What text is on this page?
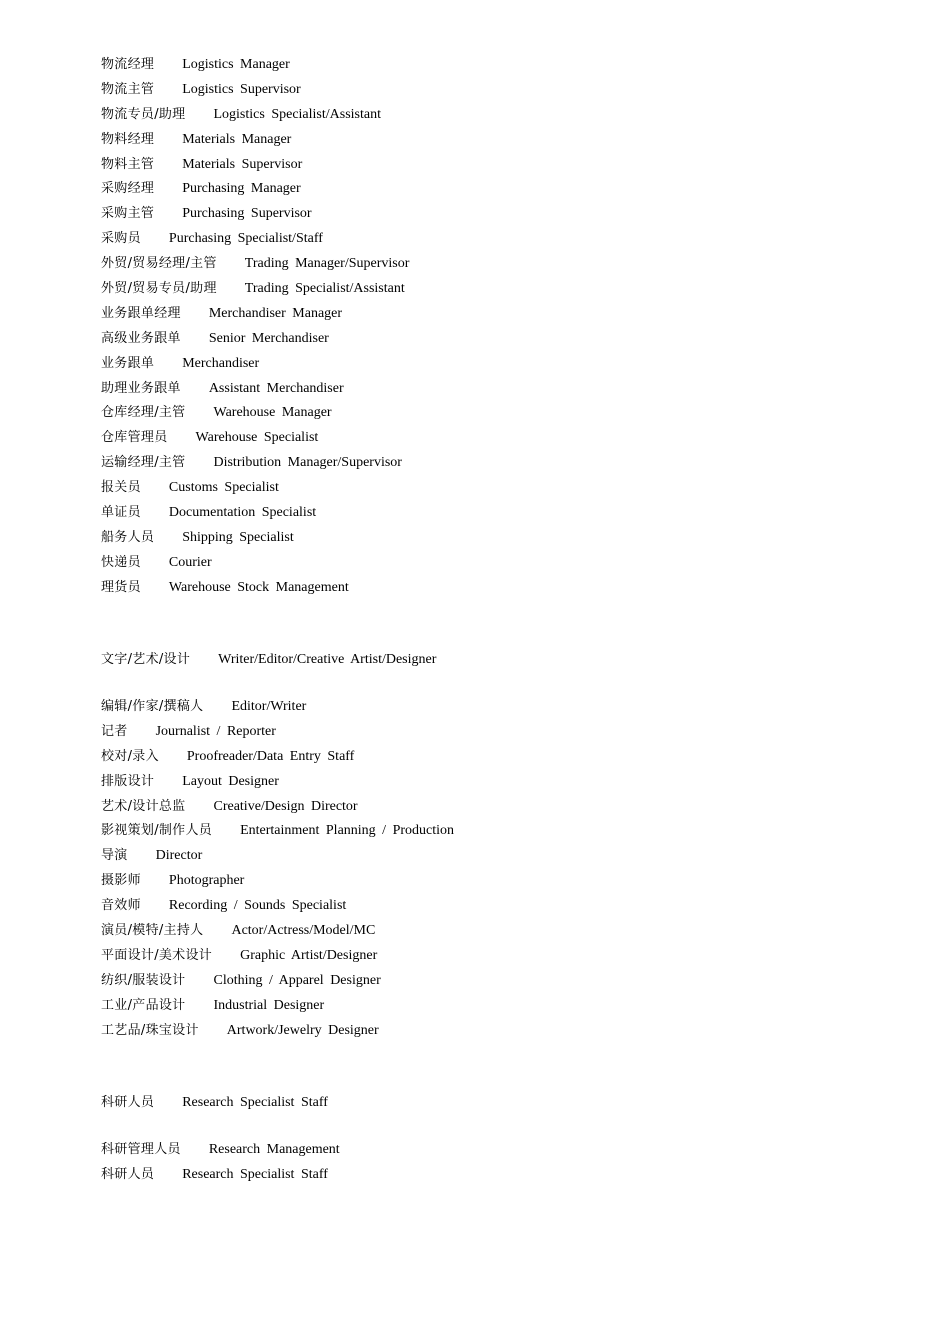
物流经理 Logistics Manager
物流主管 Logistics Supervisor
物流专员/助理 Logistics Specialist/Assistant
物料经理 Materials Manager
物料主管 Materials Supervisor
采购经理 Purchasing Manager
采购主管 Purchasing Supervisor
采购员 Purchasing Specialist/Staff
外贸/贸易经理/主管 Trading Manager/Supervisor
外贸/贸易专员/助理 Trading Specialist/Assistant
业务跟单经理 Merchandiser Manager
高级业务跟单 Senior Merchandiser
业务跟单 Merchandiser
助理业务跟单 Assistant Merchandiser
仓库经理/主管 Warehouse Manager
仓库管理员 Warehouse Specialist
运输经理/主管 Distribution Manager/Supervisor
报关员 Customs Specialist
单证员 Documentation Specialist
船务人员 Shipping Specialist
快递员 Courier
理货员 Warehouse Stock Management
文字/艺术/设计 Writer/Editor/Creative Artist/Designer
编辑/作家/撰稿人 Editor/Writer
记者 Journalist / Reporter
校对/录入 Proofreader/Data Entry Staff
排版设计 Layout Designer
艺术/设计总监 Creative/Design Director
影视策划/制作人员 Entertainment Planning / Production
导演 Director
摄影师 Photographer
音效师 Recording / Sounds Specialist
演员/模特/主持人 Actor/Actress/Model/MC
平面设计/美术设计 Graphic Artist/Designer
纺织/服装设计 Clothing / Apparel Designer
工业/产品设计 Industrial Designer
工艺品/珠宝设计 Artwork/Jewelry Designer
科研人员 Research Specialist Staff
科研管理人员 Research Management
科研人员 Research Specialist Staff
